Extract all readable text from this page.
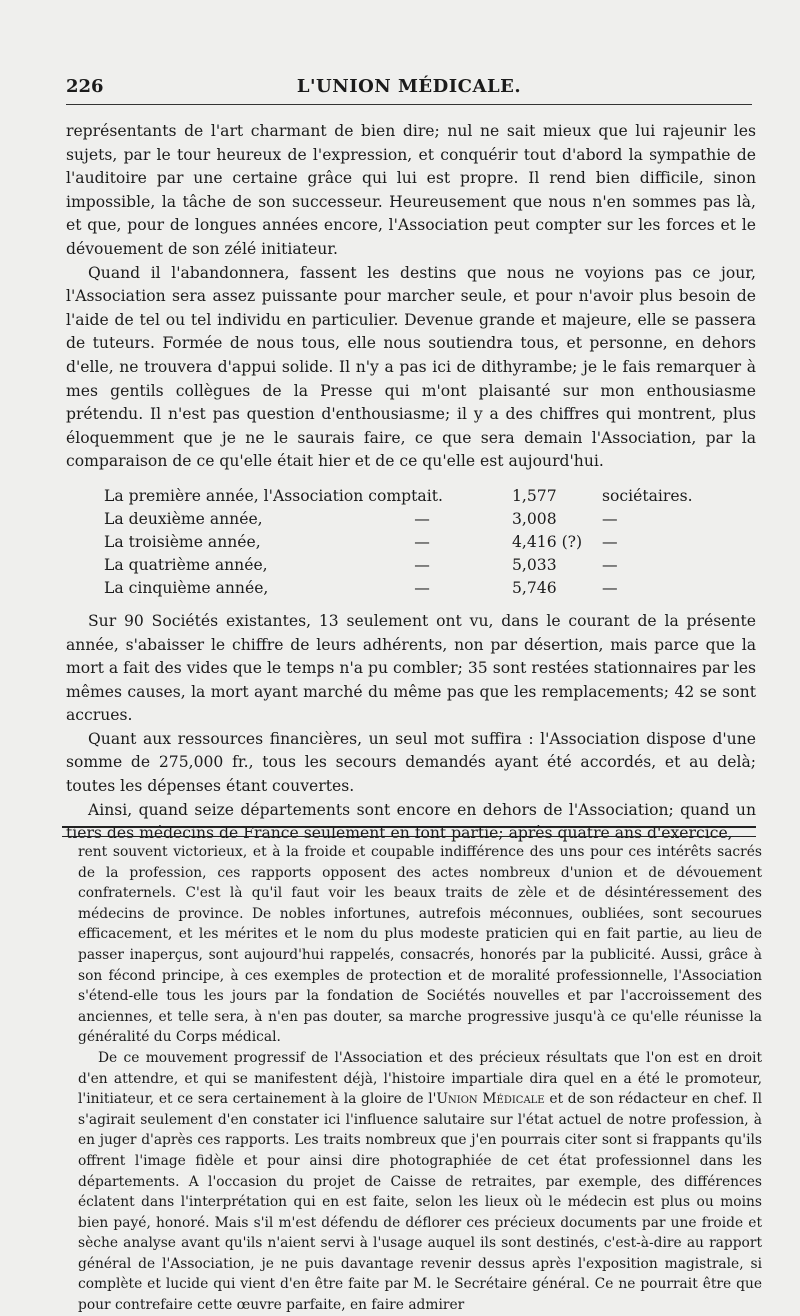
226	L'UNION MÉDICALE.

représentants de l'art charmant de bien dire; nul ne sait mieux que lui rajeunir les sujets, par le tour heureux de l'expression, et conquérir tout d'abord la sympathie de l'auditoire par une certaine grâce qui lui est propre. Il rend bien difficile, sinon impossible, la tâche de son successeur. Heureusement que nous n'en sommes pas là, et que, pour de longues années encore, l'Association peut compter sur les forces et le dévouement de son zélé initiateur.

Quand il l'abandonnera, fassent les destins que nous ne voyions pas ce jour, l'Association sera assez puissante pour marcher seule, et pour n'avoir plus besoin de l'aide de tel ou tel individu en particulier. Devenue grande et majeure, elle se passera de tuteurs. Formée de nous tous, elle nous soutiendra tous, et personne, en dehors d'elle, ne trouvera d'appui solide. Il n'y a pas ici de dithyrambe; je le fais remarquer à mes gentils collègues de la Presse qui m'ont plaisanté sur mon enthousiasme prétendu. Il n'est pas question d'enthousiasme; il y a des chiffres qui montrent, plus éloquemment que je ne le saurais faire, ce que sera demain l'Association, par la comparaison de ce qu'elle était hier et de ce qu'elle est aujourd'hui.

La première année, l'Association comptait.		1,577	sociétaires.
La deuxième année,	—	3,008	—
La troisième année,	—	4,416 (?)	—
La quatrième année,	—	5,033	—
La cinquième année,	—	5,746	—

Sur 90 Sociétés existantes, 13 seulement ont vu, dans le courant de la présente année, s'abaisser le chiffre de leurs adhérents, non par désertion, mais parce que la mort a fait des vides que le temps n'a pu combler; 35 sont restées stationnaires par les mêmes causes, la mort ayant marché du même pas que les remplacements; 42 se sont accrues.

Quant aux ressources financières, un seul mot suffira : l'Association dispose d'une somme de 275,000 fr., tous les secours demandés ayant été accordés, et au delà; toutes les dépenses étant couvertes.

Ainsi, quand seize départements sont encore en dehors de l'Association; quand un tiers des médecins de France seulement en font partie; après quatre ans d'exercice,

rent souvent victorieux, et à la froide et coupable indifférence des uns pour ces intérêts sacrés de la profession, ces rapports opposent des actes nombreux d'union et de dévouement confraternels. C'est là qu'il faut voir les beaux traits de zèle et de désintéressement des médecins de province. De nobles infortunes, autrefois méconnues, oubliées, sont secourues efficacement, et les mérites et le nom du plus modeste praticien qui en fait partie, au lieu de passer inaperçus, sont aujourd'hui rappelés, consacrés, honorés par la publicité. Aussi, grâce à son fécond principe, à ces exemples de protection et de moralité professionnelle, l'Association s'étend-elle tous les jours par la fondation de Sociétés nouvelles et par l'accroissement des anciennes, et telle sera, à n'en pas douter, sa marche progressive jusqu'à ce qu'elle réunisse la généralité du Corps médical.

De ce mouvement progressif de l'Association et des précieux résultats que l'on est en droit d'en attendre, et qui se manifestent déjà, l'histoire impartiale dira quel en a été le promoteur, l'initiateur, et ce sera certainement à la gloire de l'Union Médicale et de son rédacteur en chef. Il s'agirait seulement d'en constater ici l'influence salutaire sur l'état actuel de notre profession, à en juger d'après ces rapports. Les traits nombreux que j'en pourrais citer sont si frappants qu'ils offrent l'image fidèle et pour ainsi dire photographiée de cet état professionnel dans les départements. A l'occasion du projet de Caisse de retraites, par exemple, des différences éclatent dans l'interprétation qui en est faite, selon les lieux où le médecin est plus ou moins bien payé, honoré. Mais s'il m'est défendu de déflorer ces précieux documents par une froide et sèche analyse avant qu'ils n'aient servi à l'usage auquel ils sont destinés, c'est-à-dire au rapport général de l'Association, je ne puis davantage revenir dessus après l'exposition magistrale, si complète et lucide qui vient d'en être faite par M. le Secrétaire général. Ce ne pourrait être que pour contrefaire cette œuvre parfaite, en faire admirer
